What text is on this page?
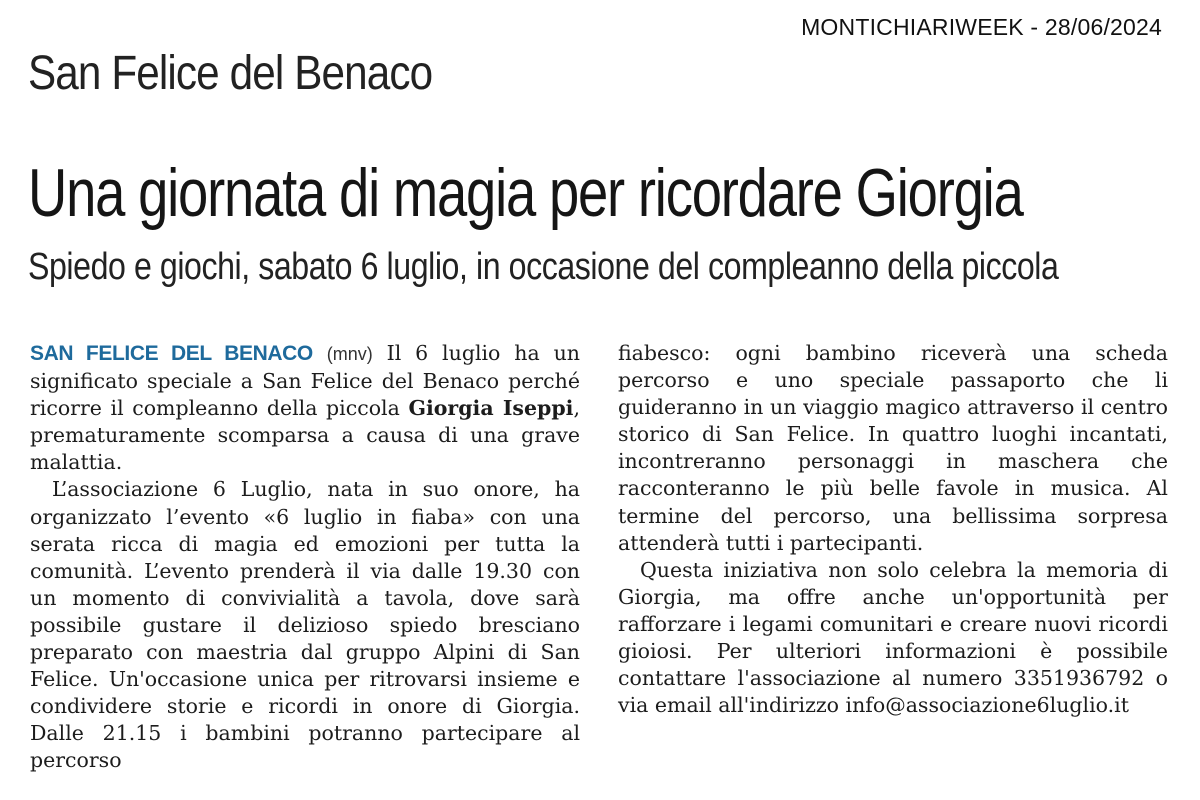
MONTICHIARIWEEK - 28/06/2024
San Felice del Benaco
Una giornata di magia per ricordare Giorgia
Spiedo e giochi, sabato 6 luglio, in occasione del compleanno della piccola

SAN FELICE DEL BENACO (mnv) Il 6 luglio ha un significato speciale a San Felice del Benaco perché ricorre il compleanno della piccola Giorgia Iseppi, prematuramente scomparsa a causa di una grave malattia.

L’associazione 6 Luglio, nata in suo onore, ha organizzato l’evento «6 luglio in fiaba» con una serata ricca di magia ed emozioni per tutta la comunità. L’evento prenderà il via dalle 19.30 con un momento di convivialità a tavola, dove sarà possibile gustare il delizioso spiedo bresciano preparato con maestria dal gruppo Alpini di San Felice. Un'occasione unica per ritrovarsi insieme e condividere storie e ricordi in onore di Giorgia. Dalle 21.15 i bambini potranno partecipare al percorso

fiabesco: ogni bambino riceverà una scheda percorso e uno speciale passaporto che li guideranno in un viaggio magico attraverso il centro storico di San Felice. In quattro luoghi incantati, incontreranno personaggi in maschera che racconteranno le più belle favole in musica. Al termine del percorso, una bellissima sorpresa attenderà tutti i partecipanti.

Questa iniziativa non solo celebra la memoria di Giorgia, ma offre anche un'opportunità per rafforzare i legami comunitari e creare nuovi ricordi gioiosi. Per ulteriori informazioni è possibile contattare l'associazione al numero 3351936792 o via email all'indirizzo info@associazione6luglio.it
